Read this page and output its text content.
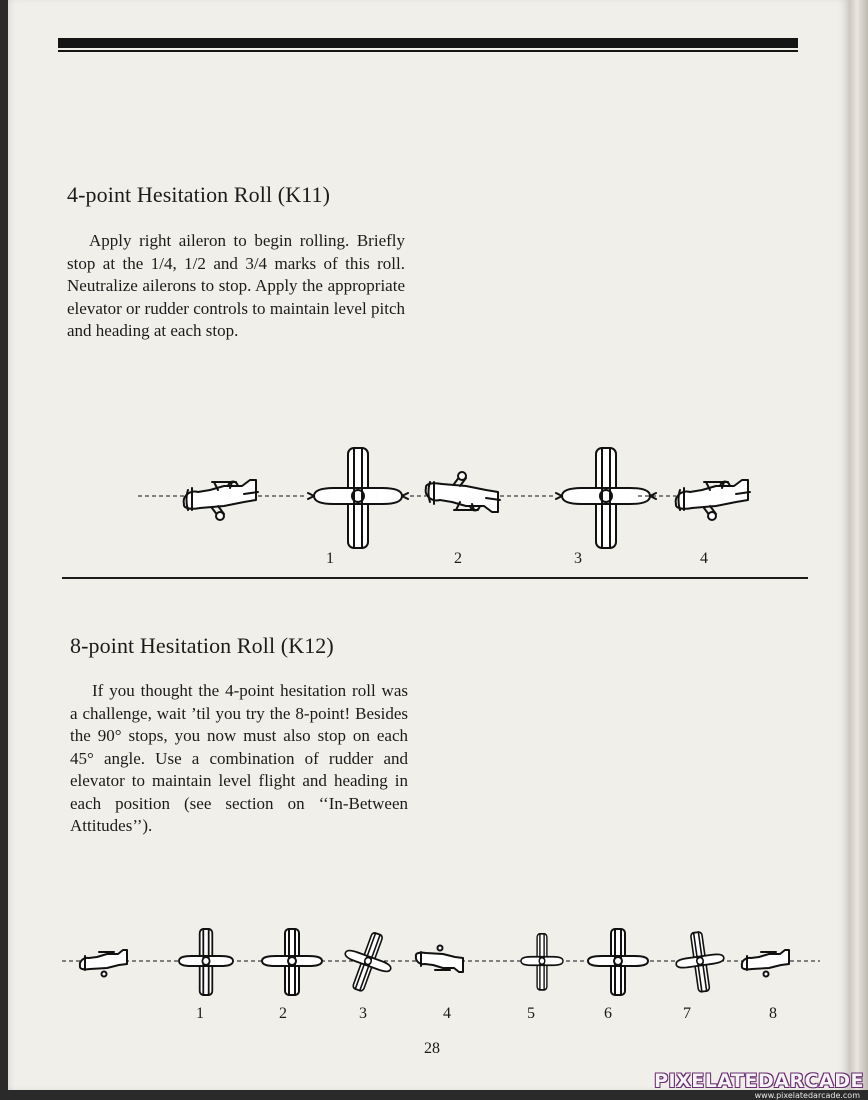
4-point Hesitation Roll (K11)

Apply right aileron to begin rolling. Briefly stop at the 1/4, 1/2 and 3/4 marks of this roll. Neutralize ailerons to stop. Apply the appropriate elevator or rudder controls to maintain level pitch and heading at each stop.

1	2	3	4
8-point Hesitation Roll (K12)

If you thought the 4-point hesitation roll was a challenge, wait ’til you try the 8-point! Besides the 90° stops, you now must also stop on each 45° angle. Use a combination of rudder and elevator to maintain level flight and heading in each position (see section on ‘‘In-Between Attitudes’’).

1	2	3	4	5	6	7	8
28
PIXELATEDARCADE
www.pixelatedarcade.com
